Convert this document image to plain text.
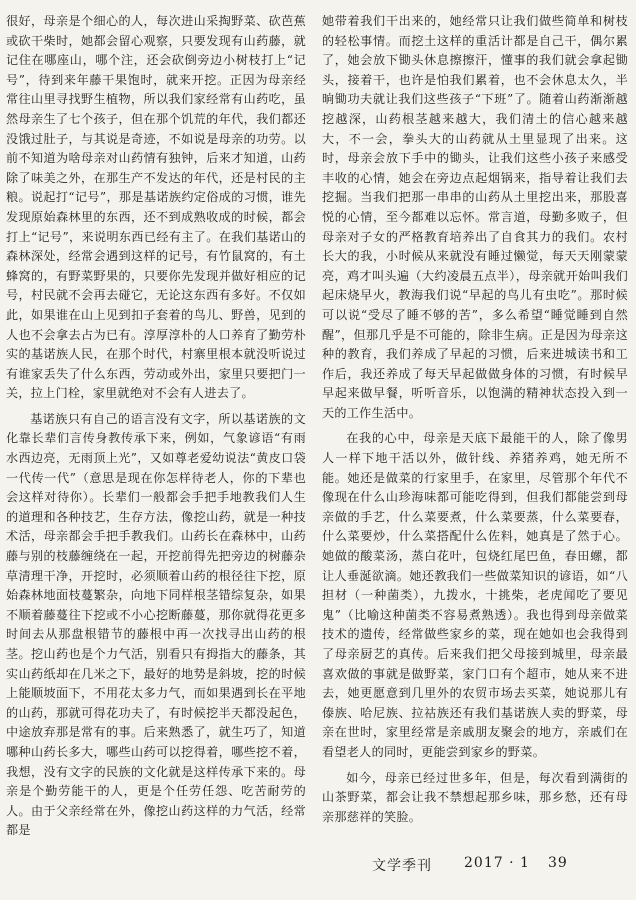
很好，母亲是个细心的人，每次进山采掏野菜、砍芭蕉或砍干柴时，她都会留心观察，只要发现有山药藤，就记住在哪座山，哪个注，还会砍倒旁边小树枝打上“记号”，待到来年藤干果饱时，就来开挖。正因为母亲经常往山里寻找野生植物，所以我们家经常有山药吃，虽然母亲生了七个孩子，但在那个饥荒的年代，我们都还没饿过肚子，与其说是奇迹，不如说是母亲的功劳。以前不知道为啥母亲对山药情有独钟，后来才知道，山药除了味美之外，在那生产不发达的年代，还是村民的主粮。说起打“记号”，那是基诺族约定俗成的习惯，谁先发现原始森林里的东西，还不到成熟收成的时候，都会打上“记号”，来说明东西已经有主了。在我们基诺山的森林深处，经常会遇到这样的记号，有竹鼠窝的，有土蜂窝的，有野菜野果的，只要你先发现并做好相应的记号，村民就不会再去碰它，无论这东西有多好。不仅如此，如果谁在山上见到扣子套着的鸟儿、野兽，见到的人也不会拿去占为已有。淳厚淳朴的人口养育了勤劳朴实的基诺族人民，在那个时代，村寨里根本就没听说过有谁家丢失了什么东西，劳动或外出，家里只要把门一关，拉上门栓，家里就绝对不会有人进去了。

基诺族只有自己的语言没有文字，所以基诺族的文化靠长辈们言传身教传承下来，例如，气象谚语“有雨水西边亮，无雨顶上光”，又如尊老爱幼说法“黄皮口袋一代传一代”（意思是现在你怎样待老人，你的下辈也会这样对待你）。长辈们一般都会手把手地教我们人生的道理和各种技艺，生存方法，像挖山药，就是一种技术活，母亲都会手把手教我们。山药长在森林中，山药藤与别的枝藤缠绕在一起，开挖前得先把旁边的树藤杂草清理干净，开挖时，必须顺着山药的根径往下挖，原始森林地面枝蔓繁杂，向地下同样根茎错综复杂，如果不顺着藤蔓往下挖或不小心挖断藤蔓，那你就得花更多时间去从那盘根错节的藤根中再一次找寻出山药的根茎。挖山药也是个力气活，别看只有拇指大的藤条，其实山药纸却在几米之下，最好的地势是斜坡，挖的时候上能顺坡面下，不用花太多力气，而如果遇到长在平地的山药，那就可得花功夫了，有时候挖半天都没起色，中途放弃那是常有的事。后来熟悉了，就生巧了，知道哪种山药长多大，哪些山药可以挖得着，哪些挖不着，我想，没有文字的民族的文化就是这样传承下来的。母亲是个勤劳能干的人，更是个任劳任怨、吃苦耐劳的人。由于父亲经常在外，像挖山药这样的力气活，经常都是

她带着我们干出来的，她经常只让我们做些简单和树枝的轻松事情。而挖土这样的重活计都是自己干，偶尔累了，她会放下锄头休息擦擦汗，懂事的我们就会拿起锄头，接着干，也许是怕我们累着，也不会休息太久，半晌锄功夫就让我们这些孩子“下班”了。随着山药渐渐越挖越深，山药根茎越来越大，我们清土的信心越来越大，不一会，拳头大的山药就从土里显现了出来。这时，母亲会放下手中的锄头，让我们这些小孩子来感受丰收的心情，她会在旁边点起烟锅来，指导着让我们去挖掘。当我们把那一串串的山药从土里挖出来，那股喜悦的心情，至今都难以忘怀。常言道，母勤多败子，但母亲对子女的严格教育培养出了自食其力的我们。农村长大的我，小时候从来就没有睡过懒觉，每天天刚蒙蒙亮，鸡才叫头遍（大约凌晨五点半），母亲就开始叫我们起床烧早火，教海我们说“早起的鸟儿有虫吃”。那时候可以说“受尽了睡不够的苦”，多么希望“睡觉睡到自然醒”，但那几乎是不可能的，除非生病。正是因为母亲这种的教育，我们养成了早起的习惯，后来进城读书和工作后，我还养成了每天早起做做身体的习惯，有时候早早起来做早餐，听听音乐，以饱满的精神状态投入到一天的工作生活中。

在我的心中，母亲是天底下最能干的人，除了像男人一样下地干活以外，做针线、养猪养鸡，她无所不能。她还是做菜的行家里手，在家里，尽管那个年代不像现在什么山珍海味都可能吃得到，但我们都能尝到母亲做的手艺，什么菜要煮，什么菜要蒸，什么菜要春，什么菜要炒，什么菜搭配什么佐料，她真是了然于心。她做的酸菜汤，蒸白花叶，包烧红尾巴鱼，春田螺，都让人垂涎欲滴。她还教我们一些做菜知识的谚语，如“八担材（一种菌类），九拨水，十挑柴，老虎闻吃了要见鬼”（比喻这种菌类不容易煮熟透）。我也得到母亲做菜技术的遗传，经常做些家乡的菜，现在她如也会我得到了母亲厨艺的真传。后来我们把父母接到城里，母亲最喜欢做的事就是做野菜，家门口有个超市，她从来不进去，她更愿意到几里外的农贸市场去买菜，她说那儿有傣族、哈尼族、拉祜族还有我们基诺族人卖的野菜，母亲在世时，家里经常是亲戚朋友聚会的地方，亲戚们在看望老人的同时，更能尝到家乡的野菜。

如今，母亲已经过世多年，但是，每次看到满街的山茶野菜，都会让我不禁想起那乡味，那乡愁，还有母亲那慈祥的笑脸。

文学季刊 2017 · 1 39
